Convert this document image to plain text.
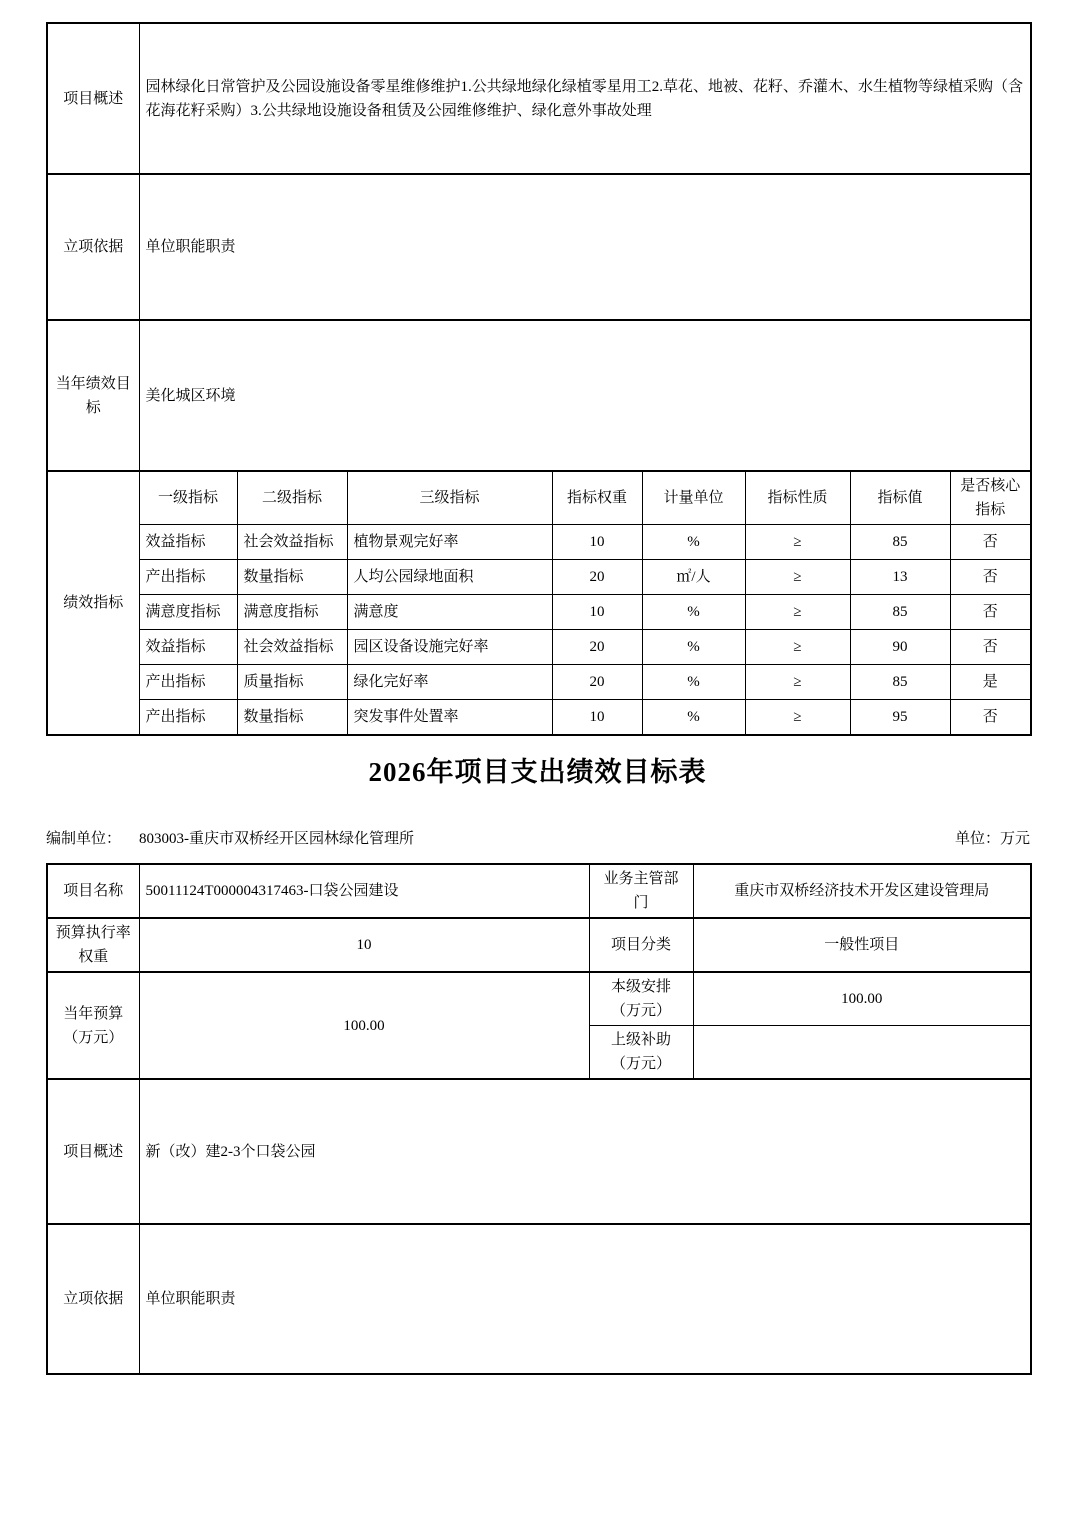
项目概述	园林绿化日常管护及公园设施设备零星维修维护1.公共绿地绿化绿植零星用工2.草花、地被、花籽、乔灌木、水生植物等绿植采购（含花海花籽采购）3.公共绿地设施设备租赁及公园维修维护、绿化意外事故处理							
立项依据	单位职能职责							
当年绩效目标	美化城区环境							
绩效指标	一级指标	二级指标	三级指标	指标权重	计量单位	指标性质	指标值	是否核心指标
	效益指标	社会效益指标	植物景观完好率	10	%	≥	85	否
	产出指标	数量指标	人均公园绿地面积	20	㎡/人	≥	13	否
	满意度指标	满意度指标	满意度	10	%	≥	85	否
	效益指标	社会效益指标	园区设备设施完好率	20	%	≥	90	否
	产出指标	质量指标	绿化完好率	20	%	≥	85	是
	产出指标	数量指标	突发事件处置率	10	%	≥	95	否
2026年项目支出绩效目标表
编制单位： 803003-重庆市双桥经开区园林绿化管理所	单位：万元
项目名称	50011124T000004317463-口袋公园建设	业务主管部门	重庆市双桥经济技术开发区建设管理局
预算执行率权重	10	项目分类	一般性项目
当年预算（万元）	100.00	本级安排（万元）	100.00
		上级补助（万元）	
项目概述	新（改）建2-3个口袋公园		
立项依据	单位职能职责		
